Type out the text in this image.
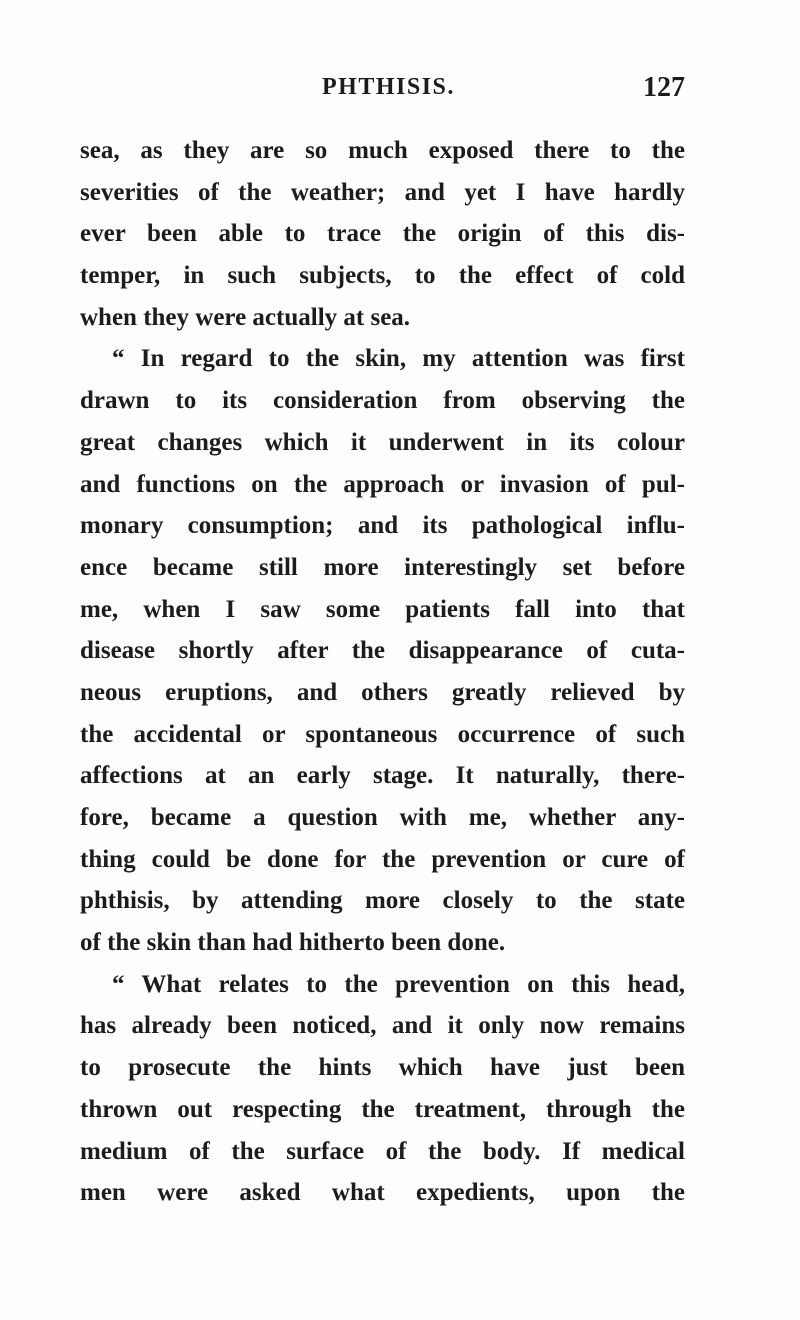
PHTHISIS.	127
sea, as they are so much exposed there to the
severities of the weather; and yet I have hardly
ever been able to trace the origin of this dis-
temper, in such subjects, to the effect of cold
when they were actually at sea.
“ In regard to the skin, my attention was first
drawn to its consideration from observing the
great changes which it underwent in its colour
and functions on the approach or invasion of pul-
monary consumption; and its pathological influ-
ence became still more interestingly set before
me, when I saw some patients fall into that
disease shortly after the disappearance of cuta-
neous eruptions, and others greatly relieved by
the accidental or spontaneous occurrence of such
affections at an early stage. It naturally, there-
fore, became a question with me, whether any-
thing could be done for the prevention or cure of
phthisis, by attending more closely to the state
of the skin than had hitherto been done.
“ What relates to the prevention on this head,
has already been noticed, and it only now remains
to prosecute the hints which have just been
thrown out respecting the treatment, through the
medium of the surface of the body. If medical
men were asked what expedients, upon the
